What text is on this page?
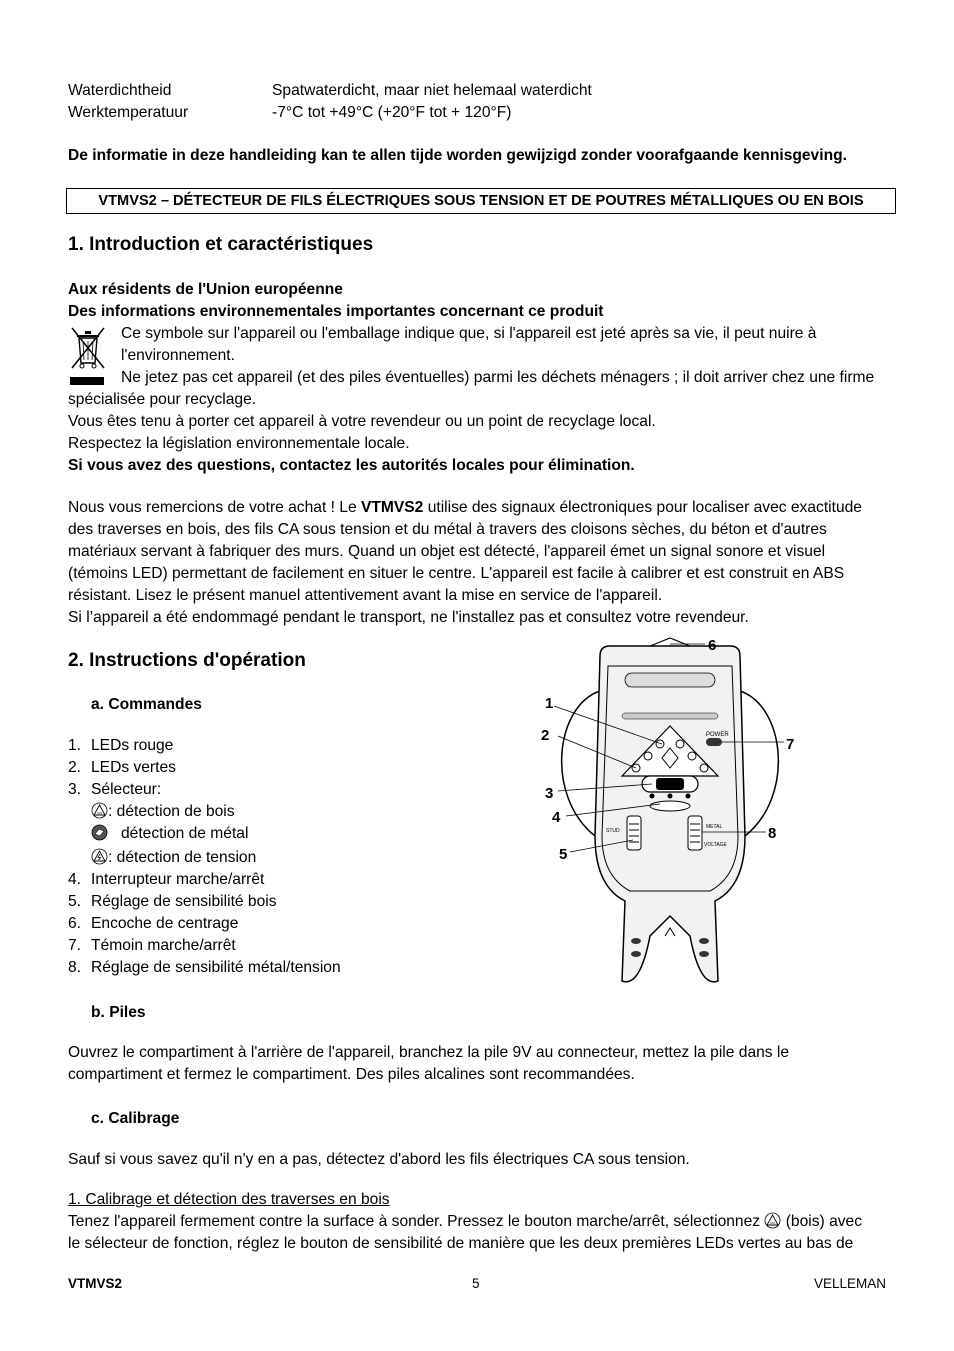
Waterdichtheid	Spatwaterdicht, maar niet helemaal waterdicht
Werktemperatuur	-7°C tot +49°C (+20°F tot + 120°F)
De informatie in deze handleiding kan te allen tijde worden gewijzigd zonder voorafgaande kennisgeving.
VTMVS2 – DÉTECTEUR DE FILS ÉLECTRIQUES SOUS TENSION ET DE POUTRES MÉTALLIQUES OU EN BOIS
1. Introduction et caractéristiques
Aux résidents de l'Union européenne
Des informations environnementales importantes concernant ce produit
Ce symbole sur l'appareil ou l'emballage indique que, si l'appareil est jeté après sa vie, il peut nuire à
l'environnement.
Ne jetez pas cet appareil (et des piles éventuelles) parmi les déchets ménagers ; il doit arriver chez une firme
spécialisée pour recyclage.
Vous êtes tenu à porter cet appareil à votre revendeur ou un point de recyclage local.
Respectez la législation environnementale locale.
Si vous avez des questions, contactez les autorités locales pour élimination.
Nous vous remercions de votre achat ! Le VTMVS2 utilise des signaux électroniques pour localiser avec exactitude
des traverses en bois, des fils CA sous tension et du métal à travers des cloisons sèches, du béton et d'autres
matériaux servant à fabriquer des murs. Quand un objet est détecté, l'appareil émet un signal sonore et visuel
(témoins LED) permettant de facilement en situer le centre. L'appareil est facile à calibrer et est construit en ABS
résistant. Lisez le présent manuel attentivement avant la mise en service de l'appareil.
Si l’appareil a été endommagé pendant le transport, ne l'installez pas et consultez votre revendeur.
2. Instructions d'opération
a. Commandes
1. LEDs rouge
2. LEDs vertes
3. Sélecteur:
: détection de bois
détection de métal
: détection de tension
4. Interrupteur marche/arrêt
5. Réglage de sensibilité bois
6. Encoche de centrage
7. Témoin marche/arrêt
8. Réglage de sensibilité métal/tension
POWER
STUD
METAL
VOLTAGE
1
2
3
4
5
6
7
8
b. Piles
Ouvrez le compartiment à l'arrière de l'appareil, branchez la pile 9V au connecteur, mettez la pile dans le
compartiment et fermez le compartiment. Des piles alcalines sont recommandées.
c. Calibrage
Sauf si vous savez qu'il n'y en a pas, détectez d'abord les fils électriques CA sous tension.
1. Calibrage et détection des traverses en bois
Tenez l'appareil fermement contre la surface à sonder. Pressez le bouton marche/arrêt, sélectionnez  (bois) avec
le sélecteur de fonction, réglez le bouton de sensibilité de manière que les deux premières LEDs vertes au bas de
VTMVS2	5	VELLEMAN
